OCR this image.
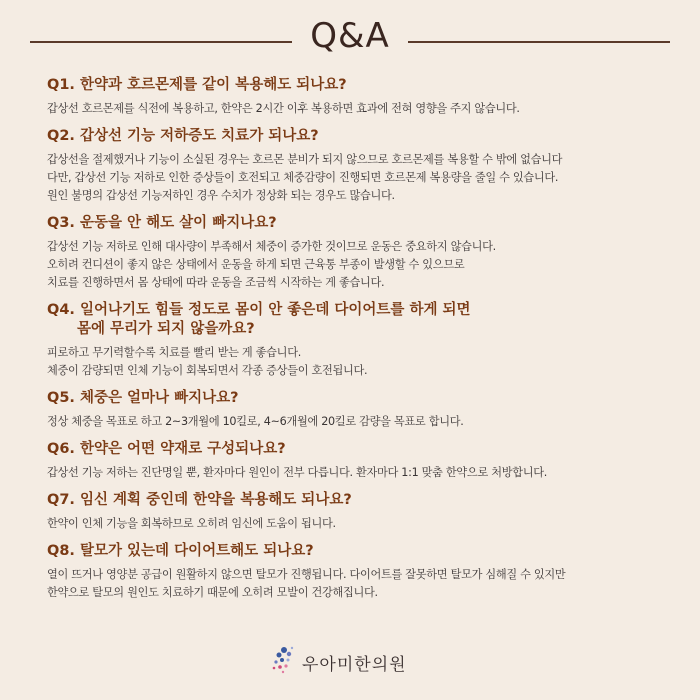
Q&A
Q1. 한약과 호르몬제를 같이 복용해도 되나요?
갑상선 호르몬제를 식전에 복용하고, 한약은 2시간 이후 복용하면 효과에 전혀 영향을 주지 않습니다.
Q2. 갑상선 기능 저하증도 치료가 되나요?
갑상선을 절제했거나 기능이 소실된 경우는 호르몬 분비가 되지 않으므로 호르몬제를 복용할 수 밖에 없습니다
다만, 갑상선 기능 저하로 인한 증상들이 호전되고 체중감량이 진행되면 호르몬제 복용량을 줄일 수 있습니다.
원인 불명의 갑상선 기능저하인 경우 수치가 정상화 되는 경우도 많습니다.
Q3. 운동을 안 해도 살이 빠지나요?
갑상선 기능 저하로 인해 대사량이 부족해서 체중이 증가한 것이므로 운동은 중요하지 않습니다.
오히려 컨디션이 좋지 않은 상태에서 운동을 하게 되면 근육통 부종이 발생할 수 있으므로
치료를 진행하면서 몸 상태에 따라 운동을 조금씩 시작하는 게 좋습니다.
Q4. 일어나기도 힘들 정도로 몸이 안 좋은데 다이어트를 하게 되면
몸에 무리가 되지 않을까요?
피로하고 무기력할수록 치료를 빨리 받는 게 좋습니다.
체중이 감량되면 인체 기능이 회복되면서 각종 증상들이 호전됩니다.
Q5. 체중은 얼마나 빠지나요?
정상 체중을 목표로 하고 2~3개월에 10킬로, 4~6개월에 20킬로 감량을 목표로 합니다.
Q6. 한약은 어떤 약재로 구성되나요?
갑상선 기능 저하는 진단명일 뿐, 환자마다 원인이 전부 다릅니다. 환자마다 1:1 맞춤 한약으로 처방합니다.
Q7. 임신 계획 중인데 한약을 복용해도 되나요?
한약이 인체 기능을 회복하므로 오히려 임신에 도움이 됩니다.
Q8. 탈모가 있는데 다이어트해도 되나요?
열이 뜨거나 영양분 공급이 원활하지 않으면 탈모가 진행됩니다. 다이어트를 잘못하면 탈모가 심해질 수 있지만
한약으로 탈모의 원인도 치료하기 때문에 오히려 모발이 건강해집니다.
우아미한의원
